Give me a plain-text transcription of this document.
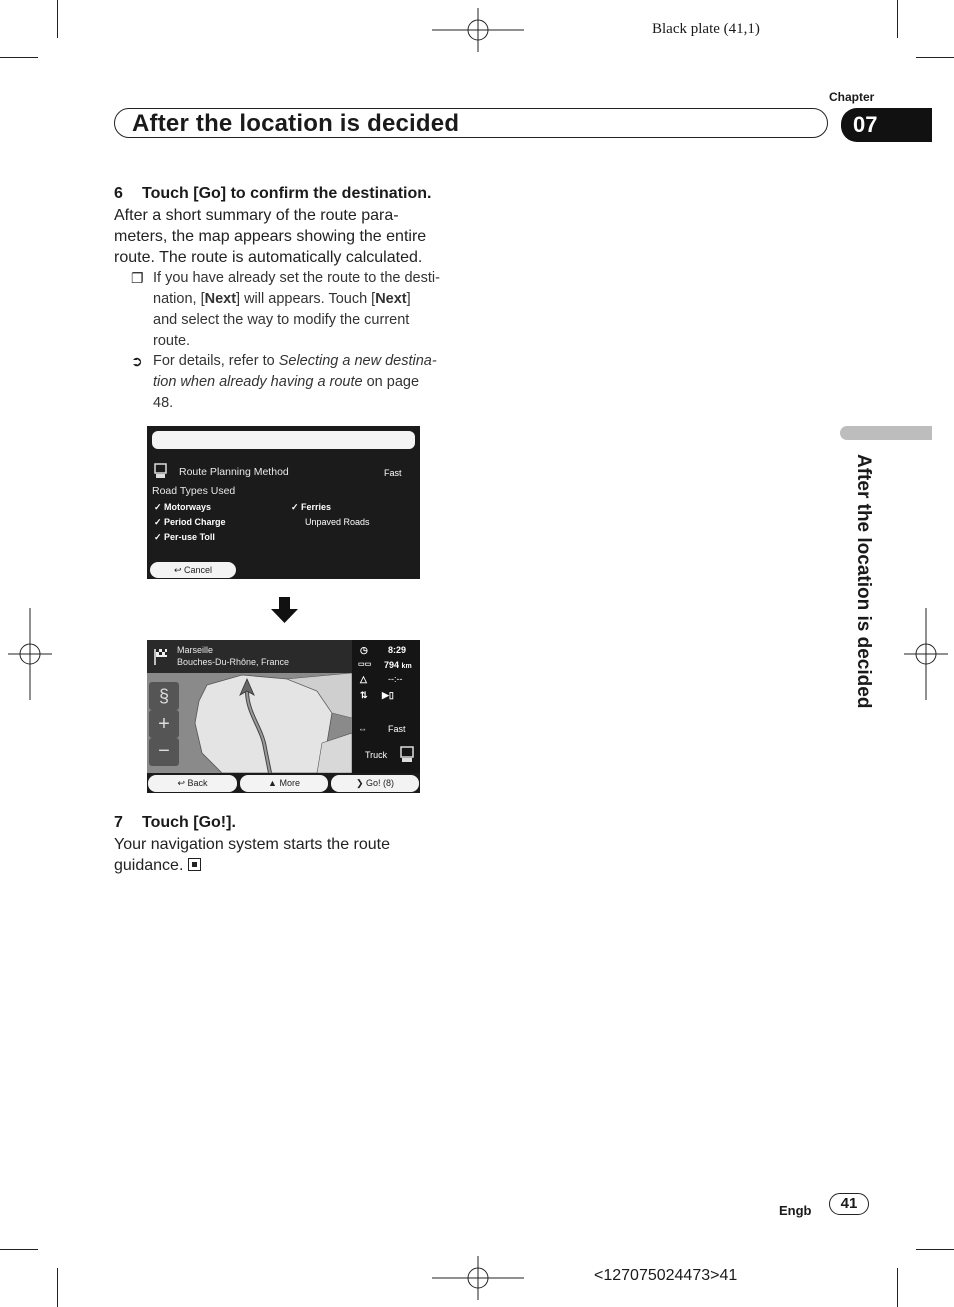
Black plate (41,1)
Chapter
After the location is decided	07
After the location is decided
6 Touch [Go] to confirm the destination.
After a short summary of the route para-
meters, the map appears showing the entire
route. The route is automatically calculated.
❐ If you have already set the route to the desti-
nation, [Next] will appears. Touch [Next]
and select the way to modify the current
route.
➲ For details, refer to Selecting a new destina-
tion when already having a route on page
48.
Route Planning Method	Fast
Road Types Used
✓ Motorways
✓ Period Charge
✓ Per-use Toll
✓ Ferries
Unpaved Roads
↩ Cancel
Marseille
Bouches-Du-Rhône, France
§
+
−
◷ 8:29
▭▭ 794 km
△ --:--
⇅ ▶▯
⇔ Fast
Truck
↩ Back	▲ More	❯ Go! (8)
7 Touch [Go!].
Your navigation system starts the route
guidance.
Engb	41
<127075024473>41
